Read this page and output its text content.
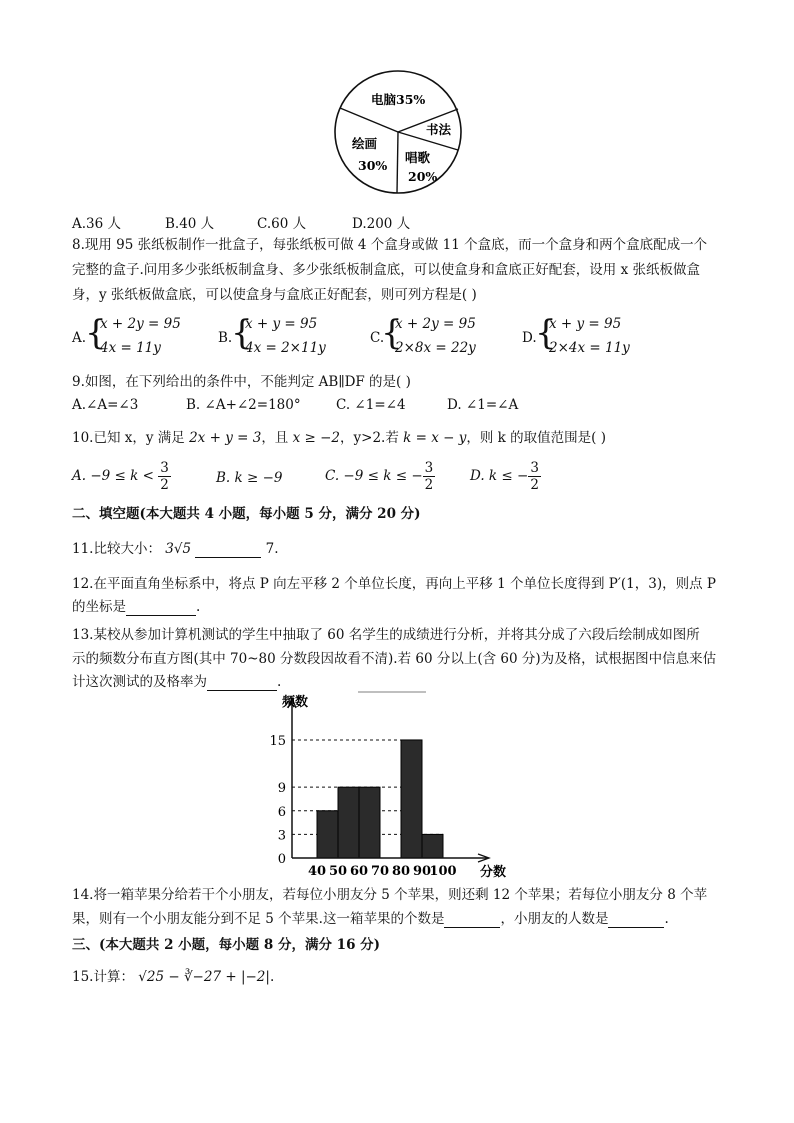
电脑35%
书法
绘画
30%
唱歌
20%
A.36 人	B.40 人	C.60 人	D.200 人
8.现用 95 张纸板制作一批盒子，每张纸板可做 4 个盒身或做 11 个盒底，而一个盒身和两个盒底配成一个
完整的盒子.问用多少张纸板制盒身、多少张纸板制盒底，可以使盒身和盒底正好配套，设用 x 张纸板做盒
身，y 张纸板做盒底，可以使盒身与盒底正好配套，则可列方程是( )
A.
{
x + 2y = 95
4x = 11y
B.
{
x + y = 95
4x = 2×11y
C.
{
x + 2y = 95
2×8x = 22y
D.
{
x + y = 95
2×4x = 11y
9.如图，在下列给出的条件中，不能判定 AB∥DF 的是( )
A.∠A=∠3	B. ∠A+∠2=180°	C. ∠1=∠4	D. ∠1=∠A
10.已知 x，y 满足 2x + y = 3，且 x ≥ −2，y>2.若 k = x − y，则 k 的取值范围是( )
A. $-9 \le k < \frac{3}{2}$	B. k ≥ −9	C. −9 ≤ k ≤ − $\frac{3}{2}$	D. k ≤ − $\frac{3}{2}$
二、填空题(本大题共 4 小题，每小题 5 分，满分 20 分)
11.比较大小： 3√5	7.
12.在平面直角坐标系中，将点 P 向左平移 2 个单位长度，再向上平移 1 个单位长度得到 P′(1，3)，则点 P
的坐标是	.
13.某校从参加计算机测试的学生中抽取了 60 名学生的成绩进行分析，并将其分成了六段后绘制成如图所
示的频数分布直方图(其中 70~80 分数段因故看不清).若 60 分以上(含 60 分)为及格，试根据图中信息来估
计这次测试的及格率为	.
0
3
6
9
15
40 50 60 70 80 90
100
频数
分数
14.将一箱苹果分给若干个小朋友，若每位小朋友分 5 个苹果，则还剩 12 个苹果；若每位小朋友分 8 个苹
果，则有一个小朋友能分到不足 5 个苹果.这一箱苹果的个数是	，小朋友的人数是	.
三、(本大题共 2 小题，每小题 8 分，满分 16 分)
15.计算： √25 − ∛−27 + |−2|.
